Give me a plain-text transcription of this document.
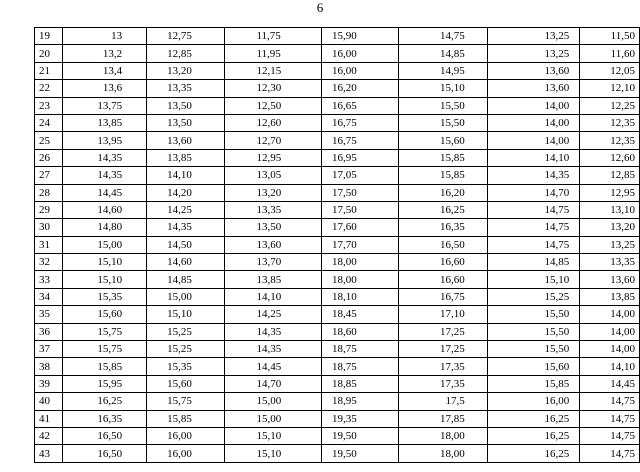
6
19	13	12,75	11,75	15,90	14,75	13,25	11,50
20	13,2	12,85	11,95	16,00	14,85	13,25	11,60
21	13,4	13,20	12,15	16,00	14,95	13,60	12,05
22	13,6	13,35	12,30	16,20	15,10	13,60	12,10
23	13,75	13,50	12,50	16,65	15,50	14,00	12,25
24	13,85	13,50	12,60	16,75	15,50	14,00	12,35
25	13,95	13,60	12,70	16,75	15,60	14,00	12,35
26	14,35	13,85	12,95	16,95	15,85	14,10	12,60
27	14,35	14,10	13,05	17,05	15,85	14,35	12,85
28	14,45	14,20	13,20	17,50	16,20	14,70	12,95
29	14,60	14,25	13,35	17,50	16,25	14,75	13,10
30	14,80	14,35	13,50	17,60	16,35	14,75	13,20
31	15,00	14,50	13,60	17,70	16,50	14,75	13,25
32	15,10	14,60	13,70	18,00	16,60	14,85	13,35
33	15,10	14,85	13,85	18,00	16,60	15,10	13,60
34	15,35	15,00	14,10	18,10	16,75	15,25	13,85
35	15,60	15,10	14,25	18,45	17,10	15,50	14,00
36	15,75	15,25	14,35	18,60	17,25	15,50	14,00
37	15,75	15,25	14,35	18,75	17,25	15,50	14,00
38	15,85	15,35	14,45	18,75	17,35	15,60	14,10
39	15,95	15,60	14,70	18,85	17,35	15,85	14,45
40	16,25	15,75	15,00	18,95	17,5	16,00	14,75
41	16,35	15,85	15,00	19,35	17,85	16,25	14,75
42	16,50	16,00	15,10	19,50	18,00	16,25	14,75
43	16,50	16,00	15,10	19,50	18,00	16,25	14,75
